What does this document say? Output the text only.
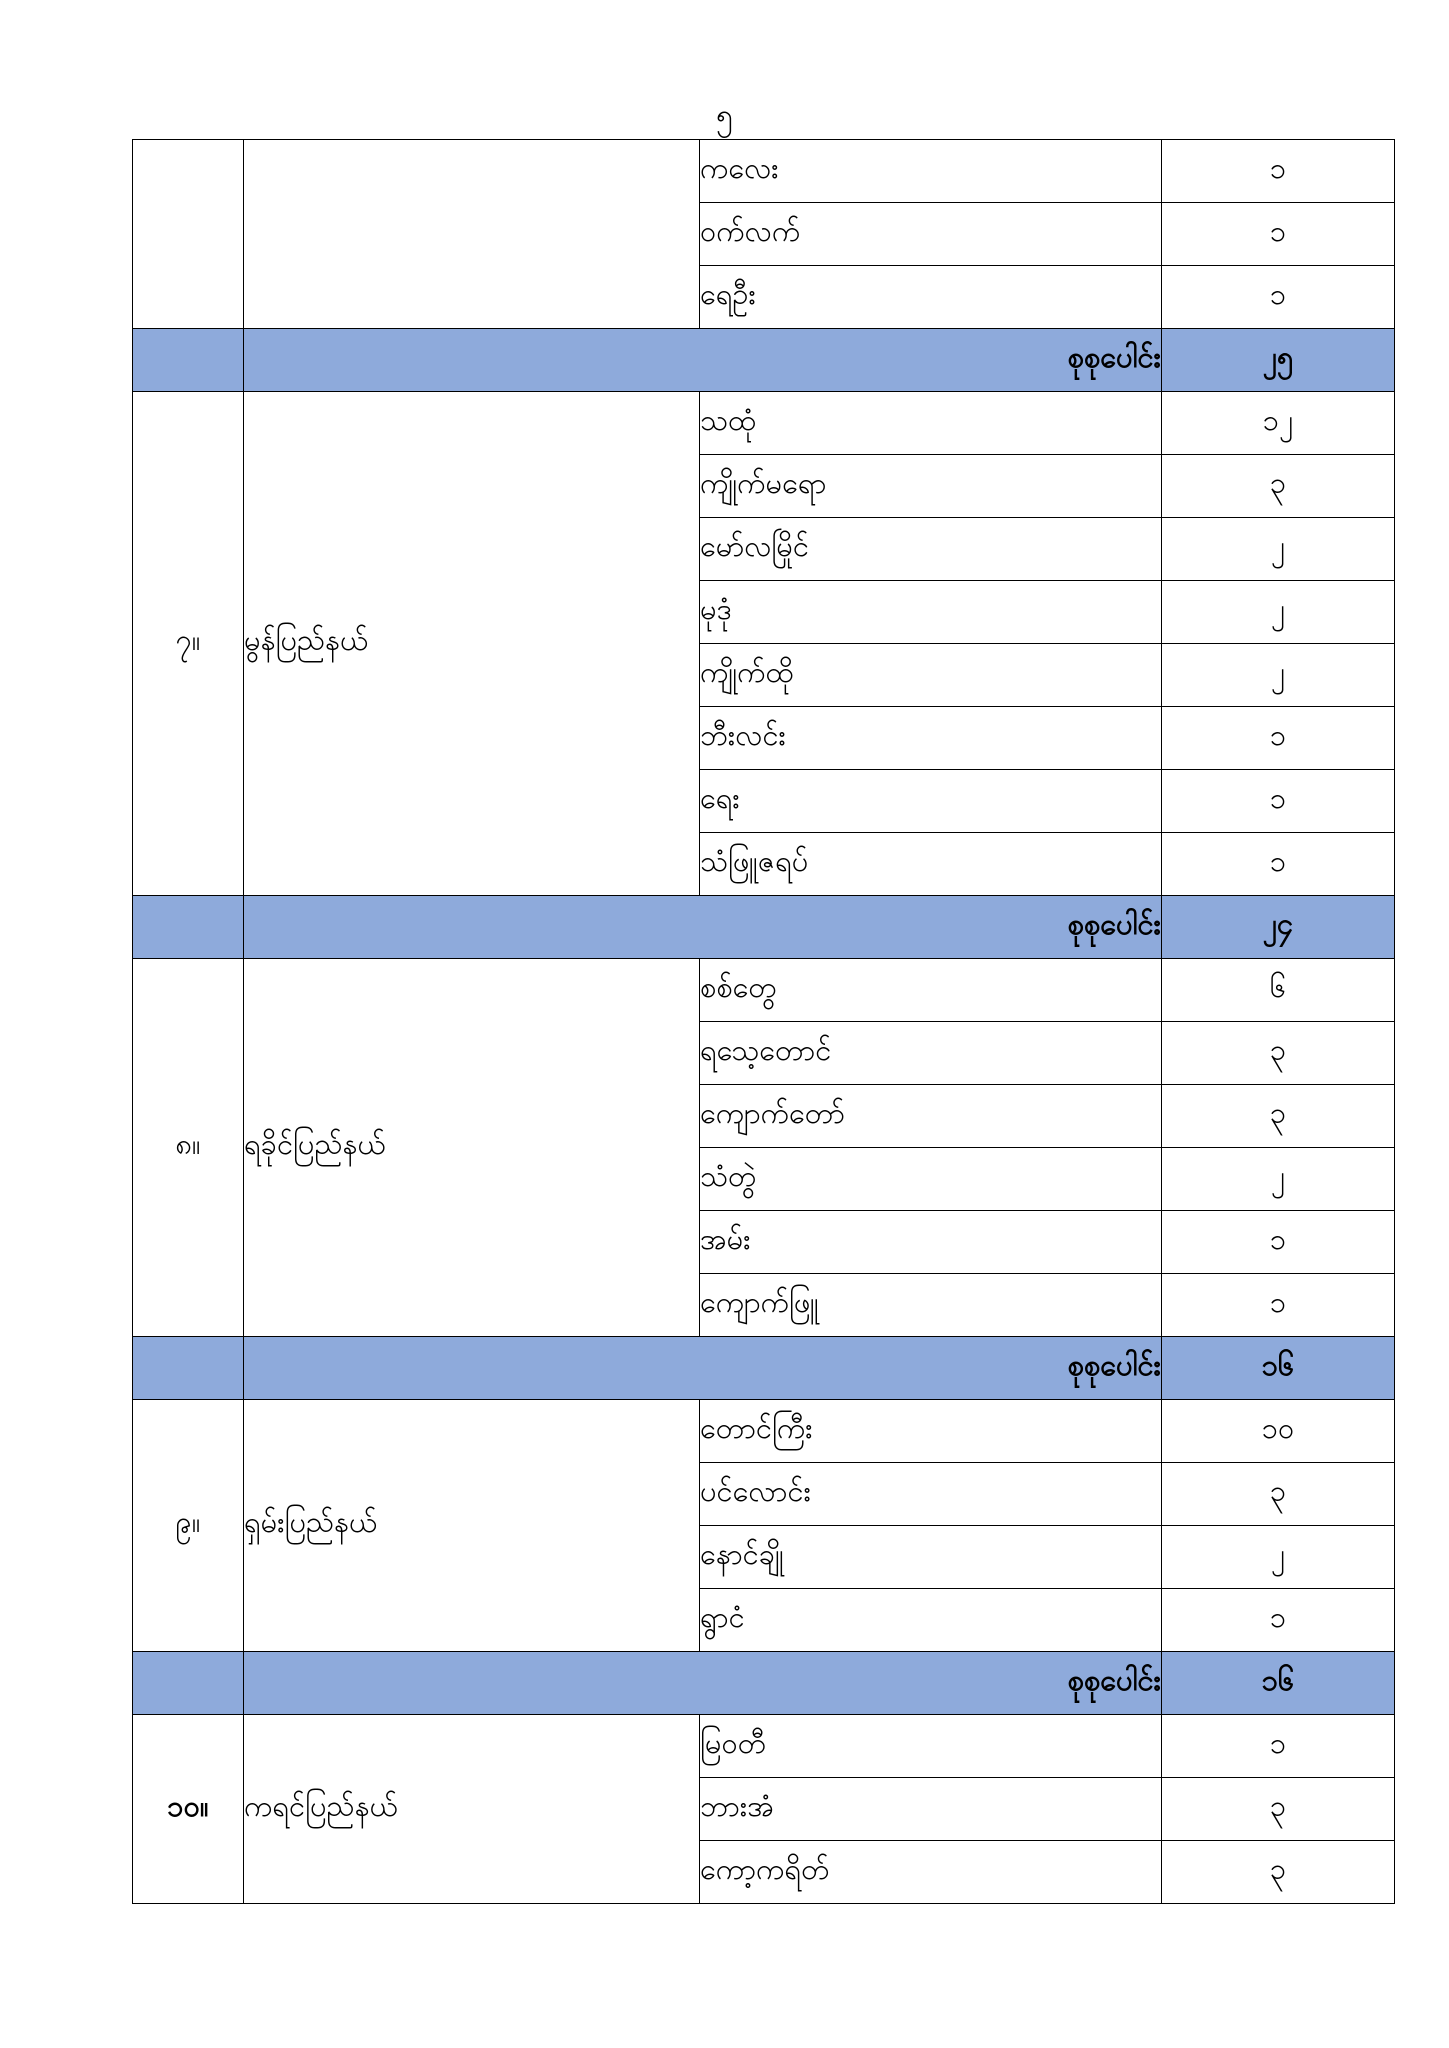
၅
		ကလေး	၁
		ဝက်လက်	၁
		ရေဦး	၁
	စုစုပေါင်း		၂၅
၇။	မွန်ပြည်နယ်	သထုံ	၁၂
		ကျိုက်မရော	၃
		မော်လမြိုင်	၂
		မုဒုံ	၂
		ကျိုက်ထို	၂
		ဘီးလင်း	၁
		ရေး	၁
		သံဖြူဇရပ်	၁
	စုစုပေါင်း		၂၄
၈။	ရခိုင်ပြည်နယ်	စစ်တွေ	၆
		ရသေ့တောင်	၃
		ကျောက်တော်	၃
		သံတွဲ	၂
		အမ်း	၁
		ကျောက်ဖြူ	၁
	စုစုပေါင်း		၁၆
၉။	ရှမ်းပြည်နယ်	တောင်ကြီး	၁၀
		ပင်လောင်း	၃
		နောင်ချို	၂
		ရွာငံ	၁
	စုစုပေါင်း		၁၆
၁၀။	ကရင်ပြည်နယ်	မြဝတီ	၁
		ဘားအံ	၃
		ကော့ကရိတ်	၃
